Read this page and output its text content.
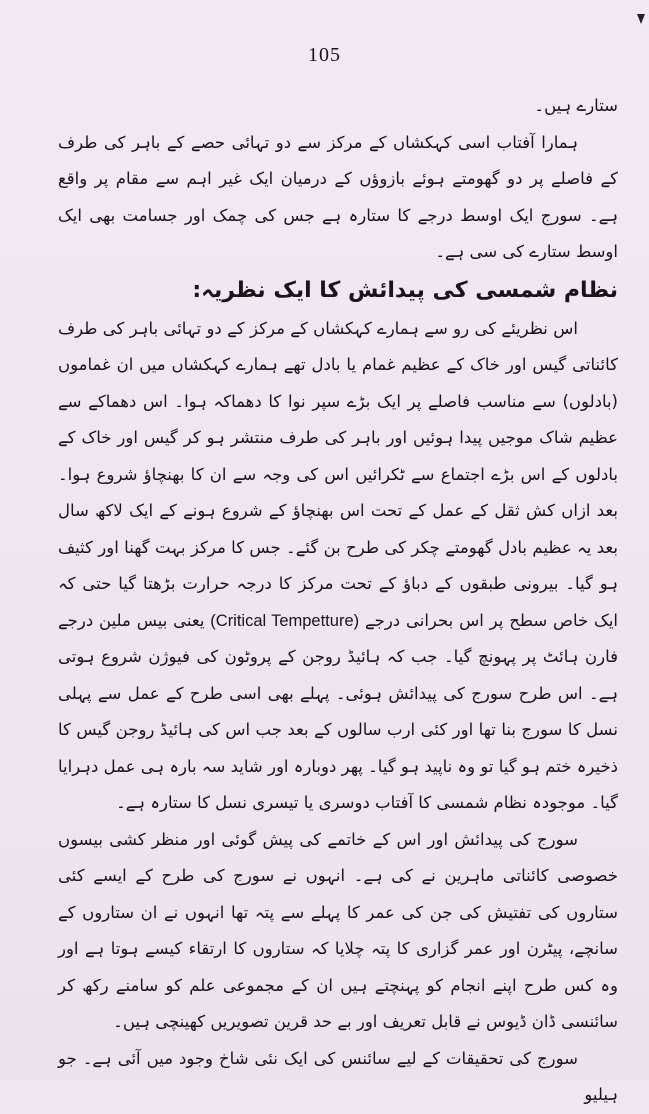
105

ستارے ہیں۔

ہمارا آفتاب اسی کہکشاں کے مرکز سے دو تہائی حصے کے باہر کی طرف کے فاصلے پر دو گھومتے ہوئے بازوؤں کے درمیان ایک غیر اہم سے مقام پر واقع ہے۔ سورج ایک اوسط درجے کا ستارہ ہے جس کی چمک اور جسامت بھی ایک اوسط ستارے کی سی ہے۔

نظام شمسی کی پیدائش کا ایک نظریہ:

اس نظریئے کی رو سے ہمارے کہکشاں کے مرکز کے دو تہائی باہر کی طرف کائناتی گیس اور خاک کے عظیم غمام یا بادل تھے ہمارے کہکشاں میں ان غماموں (بادلوں) سے مناسب فاصلے پر ایک بڑے سپر نوا کا دھماکہ ہوا۔ اس دھماکے سے عظیم شاک موجیں پیدا ہوئیں اور باہر کی طرف منتشر ہو کر گیس اور خاک کے بادلوں کے اس بڑے اجتماع سے ٹکرائیں اس کی وجہ سے ان کا بھنچاؤ شروع ہوا۔ بعد ازاں کش ثقل کے عمل کے تحت اس بھنچاؤ کے شروع ہونے کے ایک لاکھ سال بعد یہ عظیم بادل گھومتے چکر کی طرح بن گئے۔ جس کا مرکز بہت گھنا اور کثیف ہو گیا۔ بیرونی طبقوں کے دباؤ کے تحت مرکز کا درجہ حرارت بڑھتا گیا حتی کہ ایک خاص سطح پر اس بحرانی درجے (Critical Tempetture) یعنی بیس ملین درجے فارن ہائٹ پر پہونچ گیا۔ جب کہ ہائیڈ روجن کے پروٹون کی فیوژن شروع ہوتی ہے۔ اس طرح سورج کی پیدائش ہوئی۔ پہلے بھی اسی طرح کے عمل سے پہلی نسل کا سورج بنا تھا اور کئی ارب سالوں کے بعد جب اس کی ہائیڈ روجن گیس کا ذخیرہ ختم ہو گیا تو وہ ناپید ہو گیا۔ پھر دوبارہ اور شاید سہ بارہ ہی عمل دہرایا گیا۔ موجودہ نظام شمسی کا آفتاب دوسری یا تیسری نسل کا ستارہ ہے۔

سورج کی پیدائش اور اس کے خاتمے کی پیش گوئی اور منظر کشی بیسوں خصوصی کائناتی ماہرین نے کی ہے۔ انہوں نے سورج کی طرح کے ایسے کئی ستاروں کی تفتیش کی جن کی عمر کا پہلے سے پتہ تھا انہوں نے ان ستاروں کے سانچے، پیٹرن اور عمر گزاری کا پتہ چلایا کہ ستاروں کا ارتقاء کیسے ہوتا ہے اور وہ کس طرح اپنے انجام کو پہنچتے ہیں ان کے مجموعی علم کو سامنے رکھ کر سائنسی ڈان ڈیوس نے قابل تعریف اور بے حد قرین تصویریں کھینچی ہیں۔

سورج کی تحقیقات کے لیے سائنس کی ایک نئی شاخ وجود میں آئی ہے۔ جو ہیلیو
